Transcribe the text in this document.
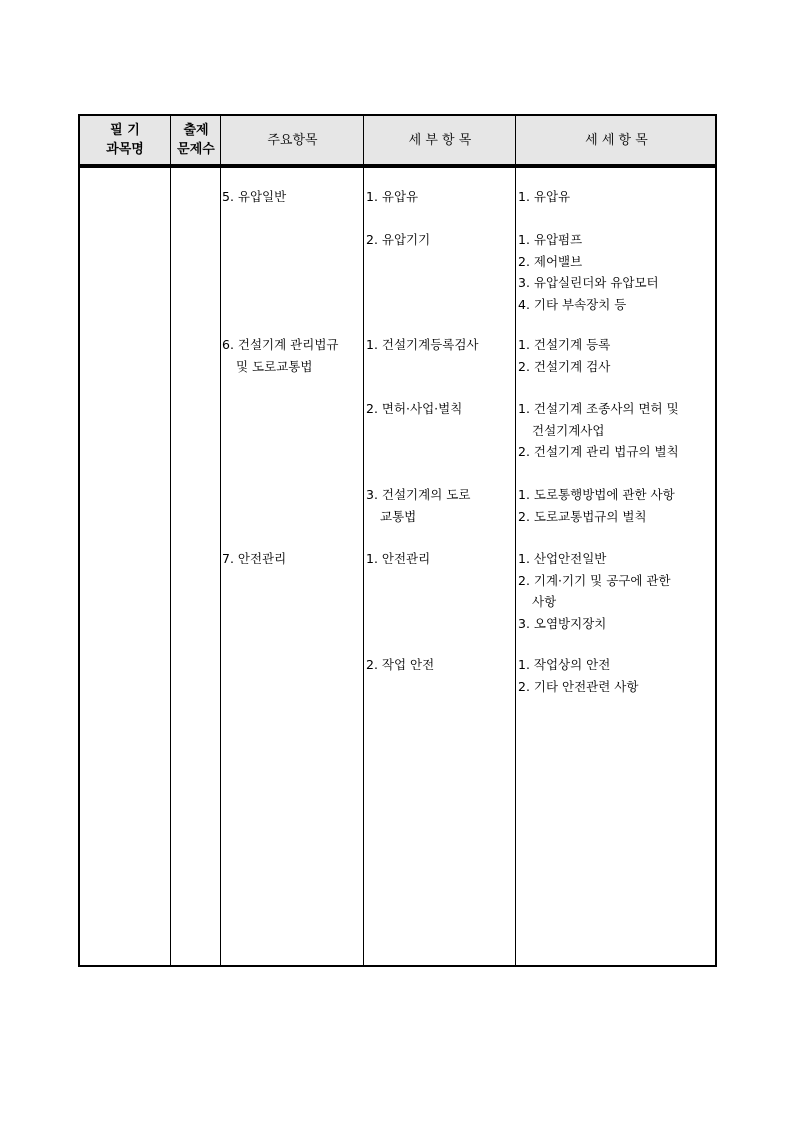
필 기
과목명
출제
문제수
주요항목	세 부 항 목	세 세 항 목
5. 유압일반
6. 건설기계 관리법규
및 도로교통법
7. 안전관리
1. 유압유
2. 유압기기
1. 건설기계등록검사
2. 면허·사업·벌칙
3. 건설기계의 도로
교통법
1. 안전관리
2. 작업 안전
1. 유압유
1. 유압펌프
2. 제어밸브
3. 유압실린더와 유압모터
4. 기타 부속장치 등
1. 건설기계 등록
2. 건설기계 검사
1. 건설기계 조종사의 면허 및
건설기계사업
2. 건설기계 관리 법규의 벌칙
1. 도로통행방법에 관한 사항
2. 도로교통법규의 벌칙
1. 산업안전일반
2. 기계·기기 및 공구에 관한
사항
3. 오염방지장치
1. 작업상의 안전
2. 기타 안전관련 사항
